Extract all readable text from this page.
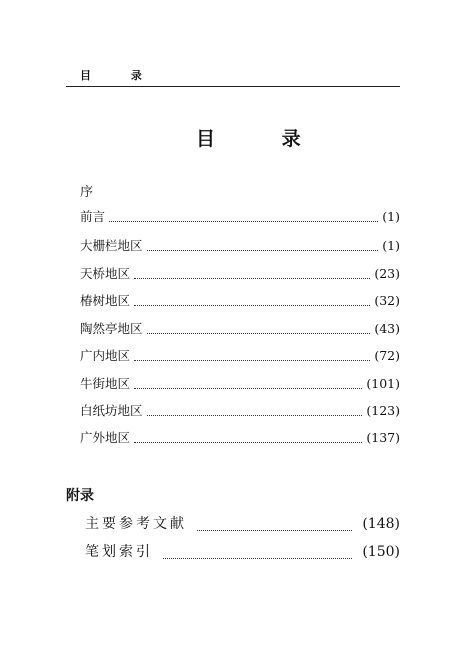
目 录
目 录
序
前言	(1)
大栅栏地区	(1)
天桥地区	(23)
椿树地区	(32)
陶然亭地区	(43)
广内地区	(72)
牛街地区	(101)
白纸坊地区	(123)
广外地区	(137)
附录
主要参考文献	(148)
笔划索引	(150)
